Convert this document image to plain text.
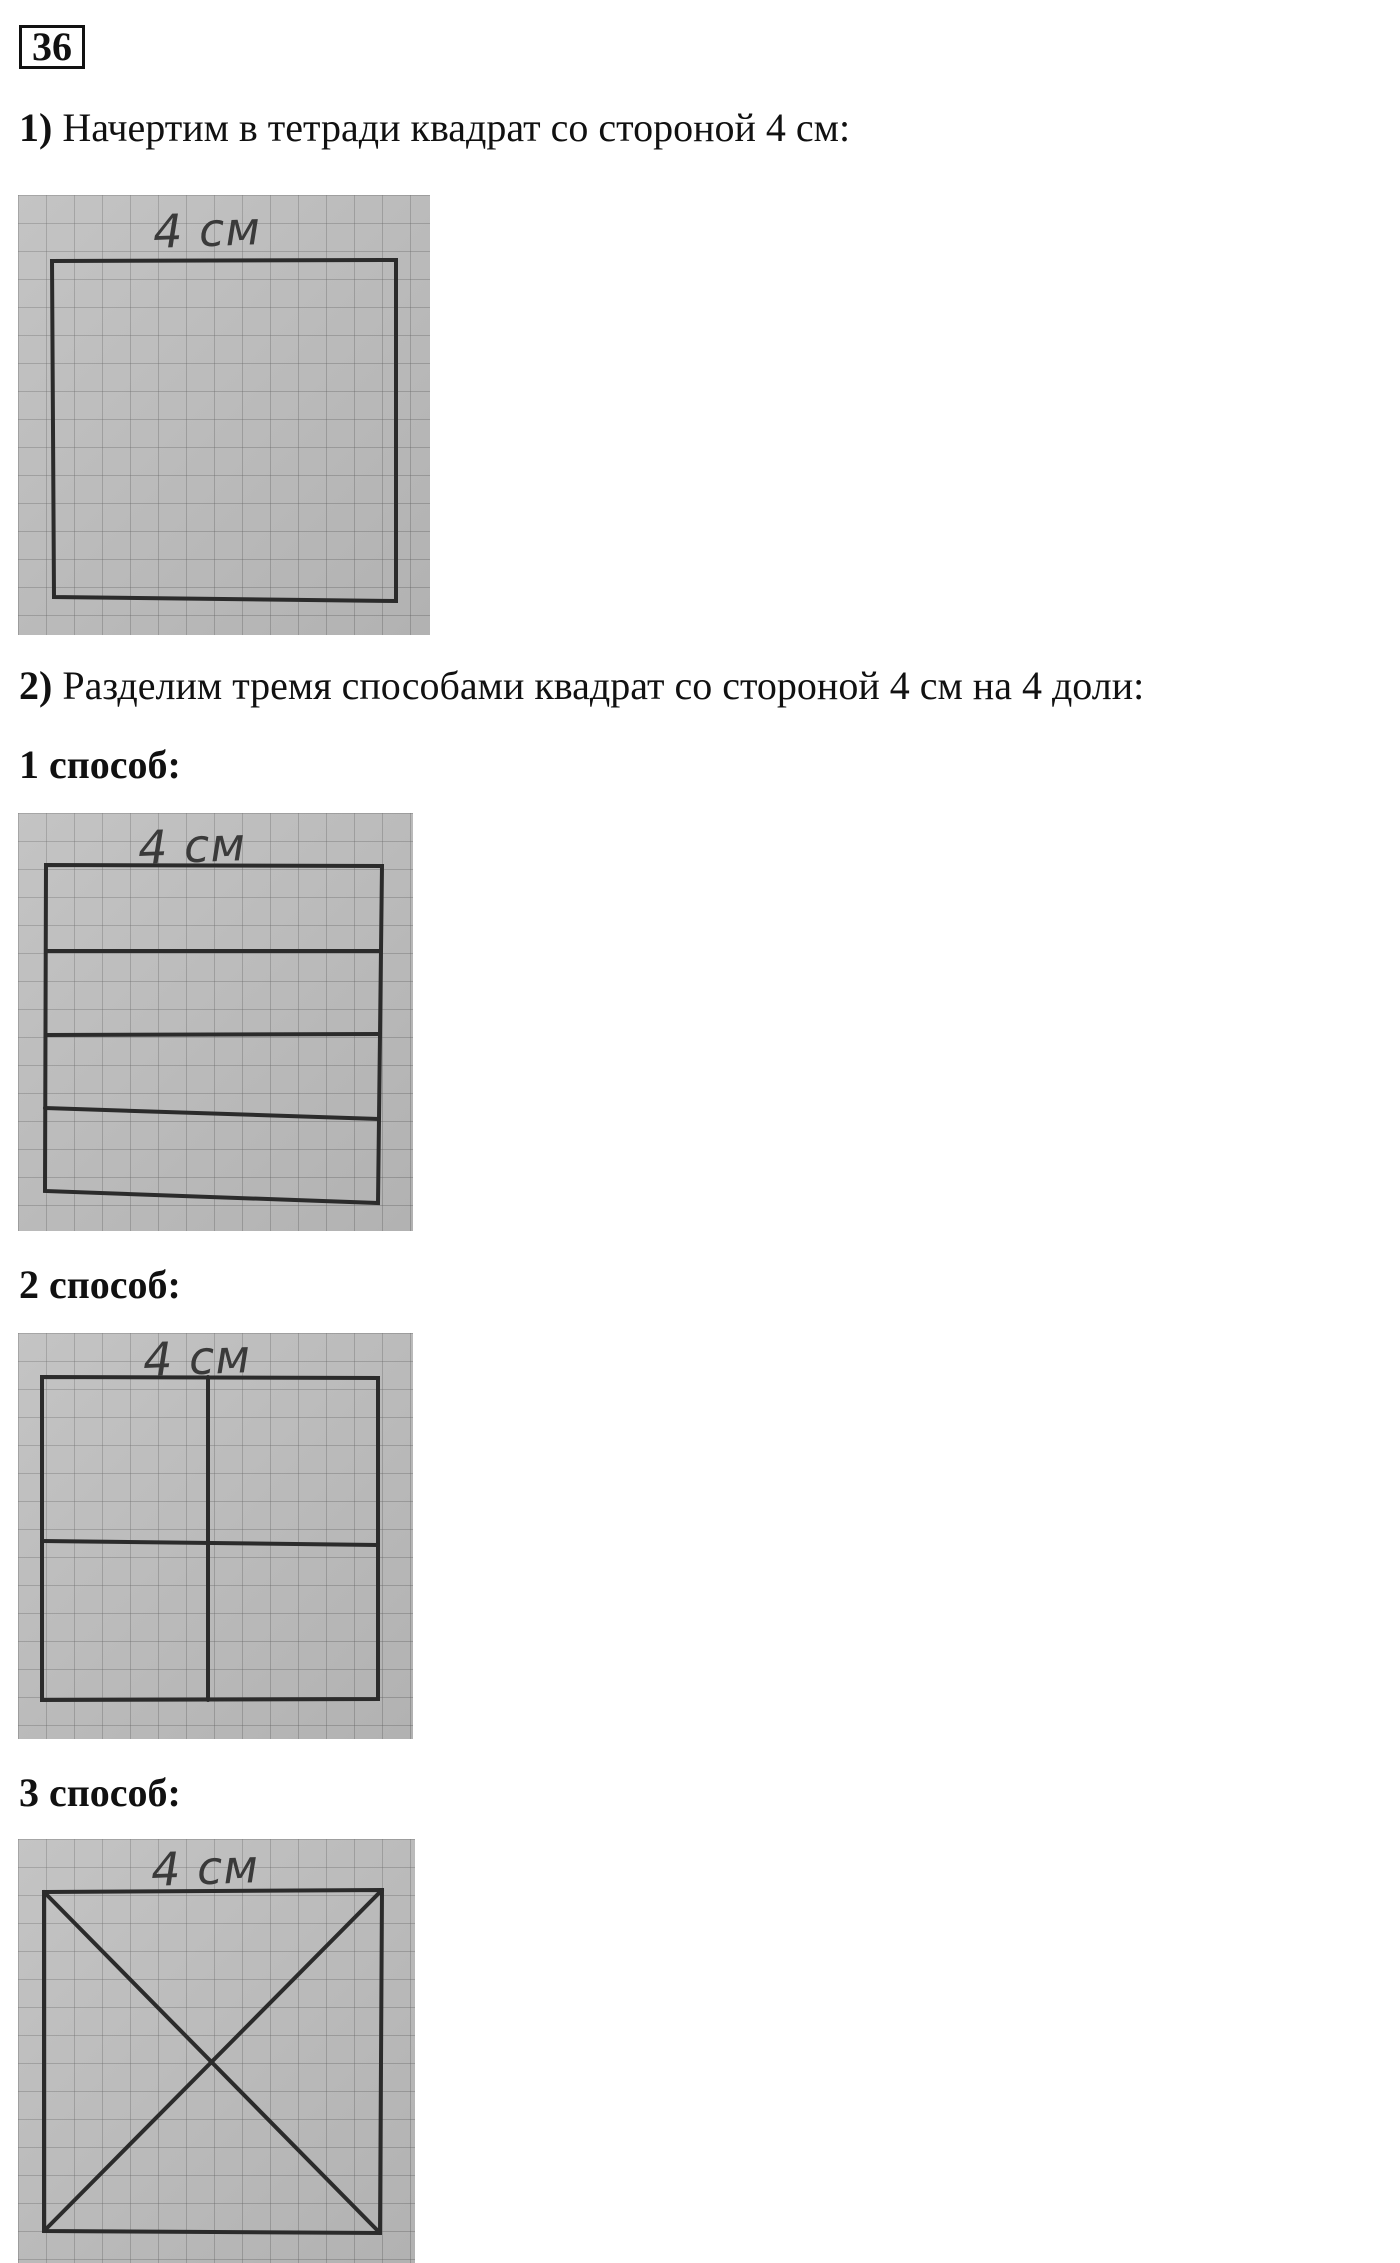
36
1) Начертим в тетради квадрат со стороной 4 см:
4 см
2) Разделим тремя способами квадрат со стороной 4 см на 4 доли:
1 способ:
4 см
2 способ:
4 см
3 способ:
4 см
